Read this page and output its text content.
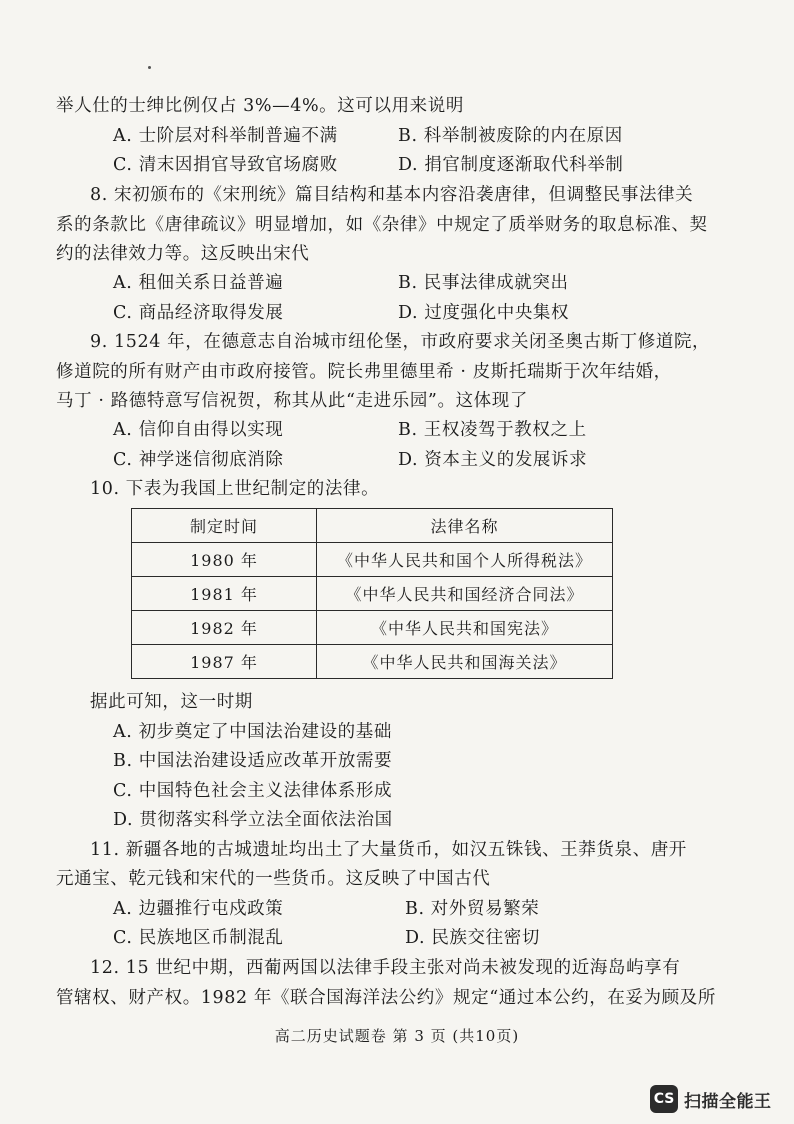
举人仕的士绅比例仅占 3%—4%。这可以用来说明
A. 士阶层对科举制普遍不满	B. 科举制被废除的内在原因
C. 清末因捐官导致官场腐败	D. 捐官制度逐渐取代科举制
8. 宋初颁布的《宋刑统》篇目结构和基本内容沿袭唐律，但调整民事法律关
系的条款比《唐律疏议》明显增加，如《杂律》中规定了质举财务的取息标准、契
约的法律效力等。这反映出宋代
A. 租佃关系日益普遍	B. 民事法律成就突出
C. 商品经济取得发展	D. 过度强化中央集权
9. 1524 年，在德意志自治城市纽伦堡，市政府要求关闭圣奥古斯丁修道院，
修道院的所有财产由市政府接管。院长弗里德里希 · 皮斯托瑞斯于次年结婚，
马丁 · 路德特意写信祝贺，称其从此“走进乐园”。这体现了
A. 信仰自由得以实现	B. 王权凌驾于教权之上
C. 神学迷信彻底消除	D. 资本主义的发展诉求
10. 下表为我国上世纪制定的法律。
制定时间	法律名称
1980 年	《中华人民共和国个人所得税法》
1981 年	《中华人民共和国经济合同法》
1982 年	《中华人民共和国宪法》
1987 年	《中华人民共和国海关法》
据此可知，这一时期
A. 初步奠定了中国法治建设的基础
B. 中国法治建设适应改革开放需要
C. 中国特色社会主义法律体系形成
D. 贯彻落实科学立法全面依法治国
11. 新疆各地的古城遗址均出土了大量货币，如汉五铢钱、王莽货泉、唐开
元通宝、乾元钱和宋代的一些货币。这反映了中国古代
A. 边疆推行屯戍政策	B. 对外贸易繁荣
C. 民族地区币制混乱	D. 民族交往密切
12. 15 世纪中期，西葡两国以法律手段主张对尚未被发现的近海岛屿享有
管辖权、财产权。1982 年《联合国海洋法公约》规定“通过本公约，在妥为顾及所
高二历史试题卷 第 3 页 (共10页)
CS 扫描全能王
